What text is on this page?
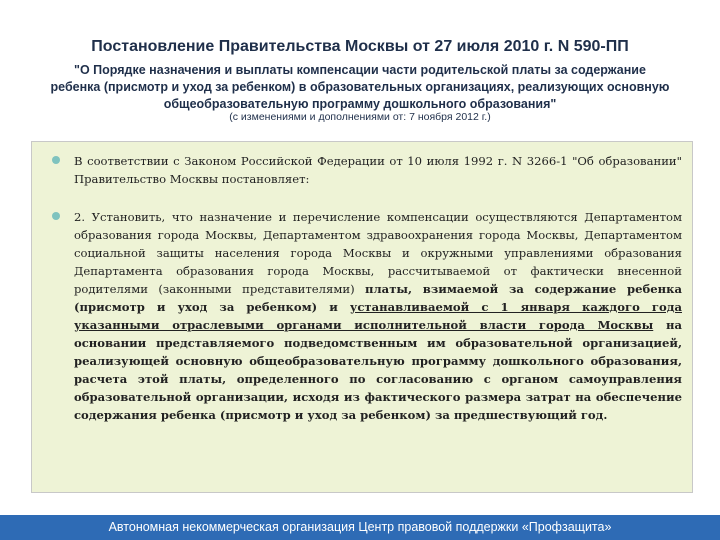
Постановление Правительства Москвы от 27 июля 2010 г. N 590-ПП
"О Порядке назначения и выплаты компенсации части родительской платы за содержание ребенка (присмотр и уход за ребенком) в образовательных организациях, реализующих основную общеобразовательную программу дошкольного образования"
(с изменениями и дополнениями от: 7 ноября 2012 г.)
В соответствии с Законом Российской Федерации от 10 июля 1992 г. N 3266-1 "Об образовании" Правительство Москвы постановляет:
2. Установить, что назначение и перечисление компенсации осуществляются Департаментом образования города Москвы, Департаментом здравоохранения города Москвы, Департаментом социальной защиты населения города Москвы и окружными управлениями образования Департамента образования города Москвы, рассчитываемой от фактически внесенной родителями (законными представителями) платы, взимаемой за содержание ребенка (присмотр и уход за ребенком) и устанавливаемой с 1 января каждого года указанными отраслевыми органами исполнительной власти города Москвы на основании представляемого подведомственным им образовательной организацией, реализующей основную общеобразовательную программу дошкольного образования, расчета этой платы, определенного по согласованию с органом самоуправления образовательной организации, исходя из фактического размера затрат на обеспечение содержания ребенка (присмотр и уход за ребенком) за предшествующий год.
Автономная некоммерческая организация Центр правовой поддержки «Профзащита»
